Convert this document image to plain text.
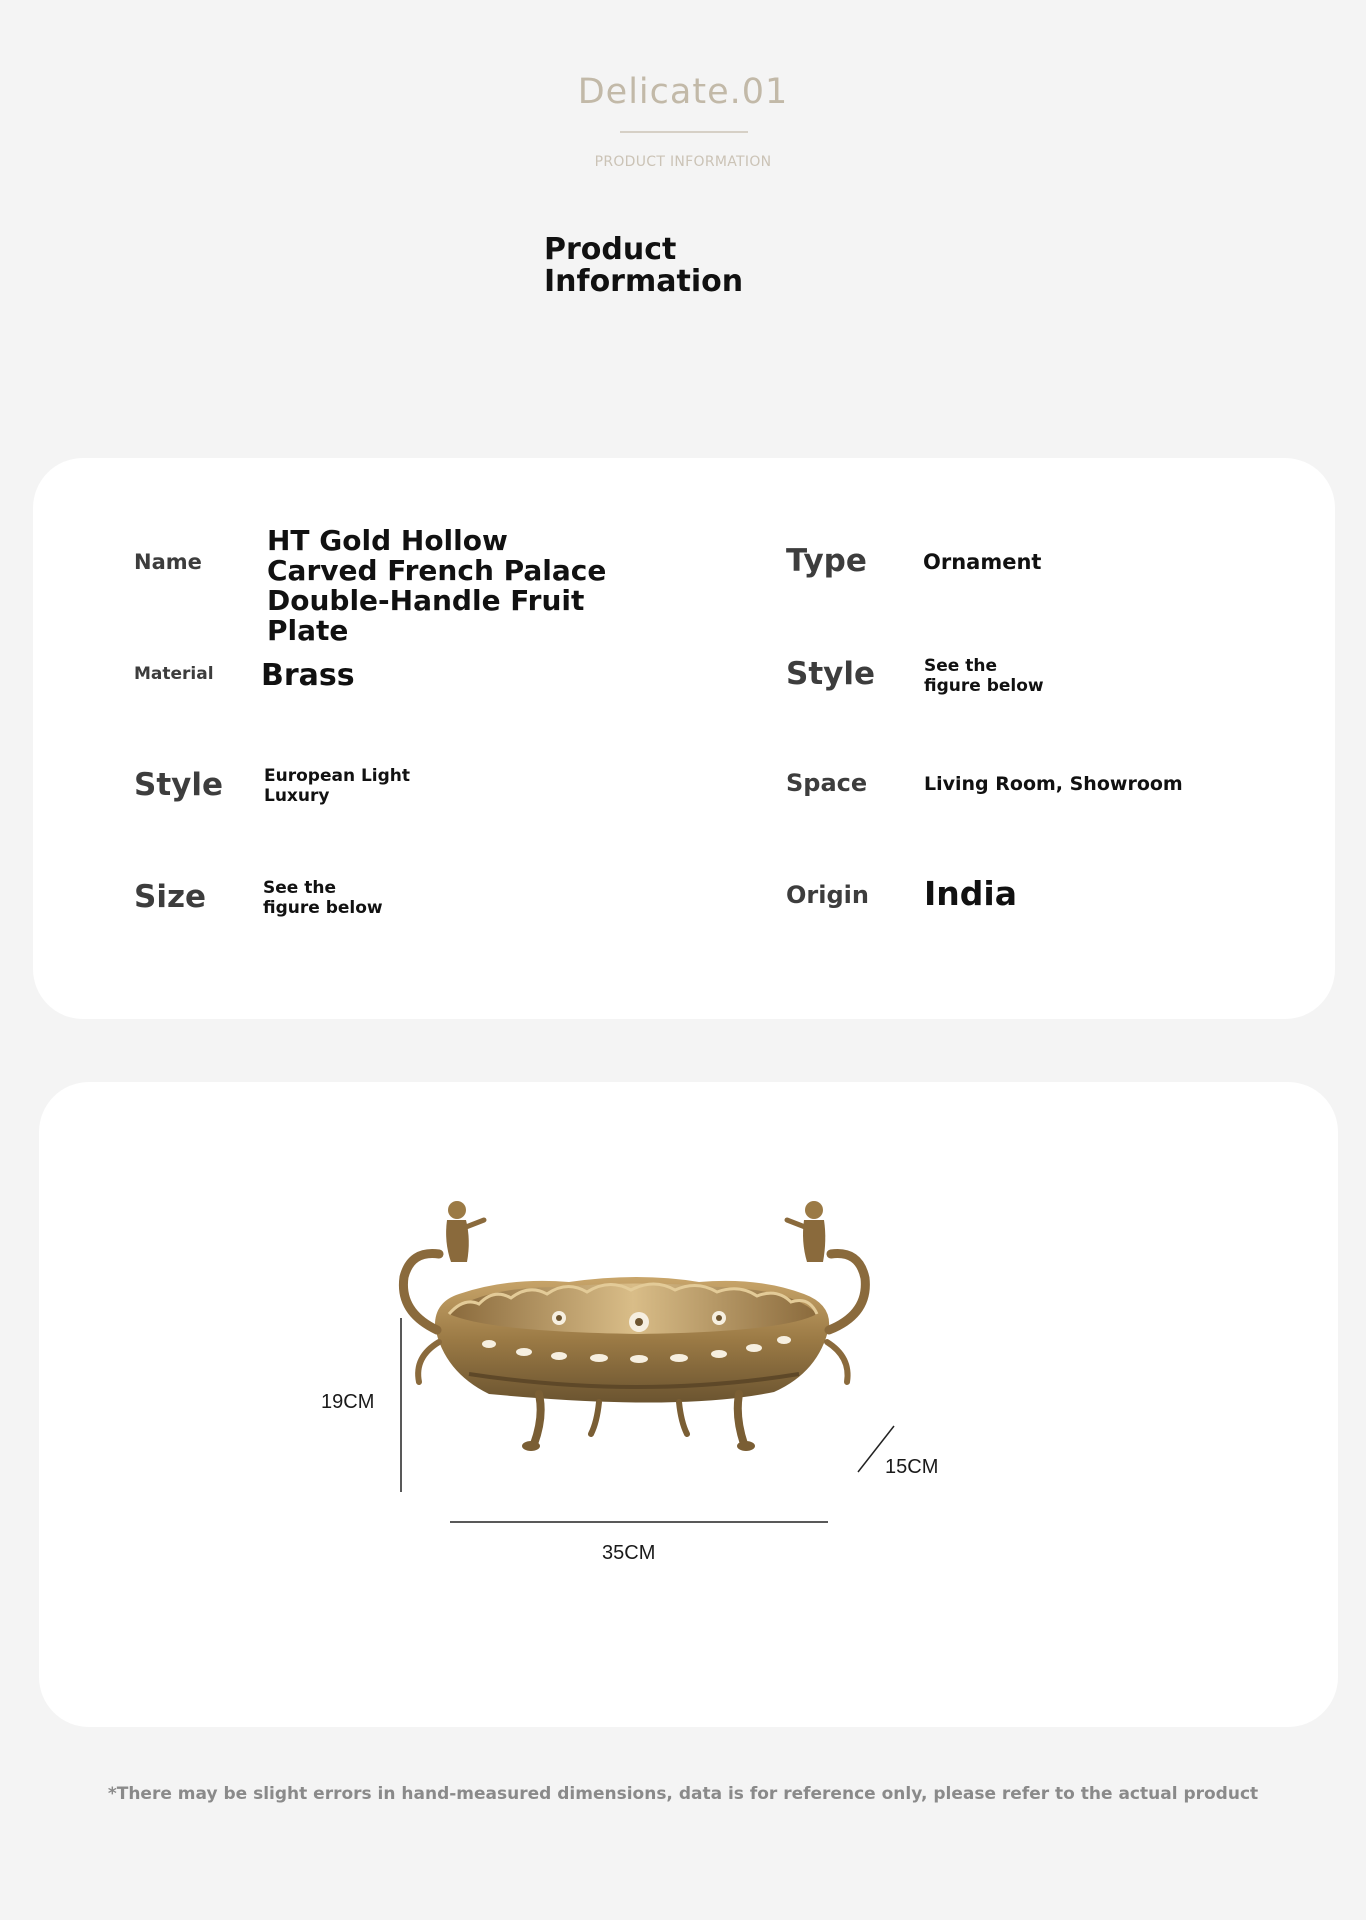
Delicate.01
PRODUCT INFORMATION
Product Information
Name
HT Gold Hollow Carved French Palace Double-Handle Fruit Plate
Material Brass
Style European Light Luxury
Size	See the figure below
Type	Ornament
Style	See the figure below
Space	Living Room, Showroom
Origin India
19CM
35CM
15CM
*There may be slight errors in hand-measured dimensions, data is for reference only, please refer to the actual product
